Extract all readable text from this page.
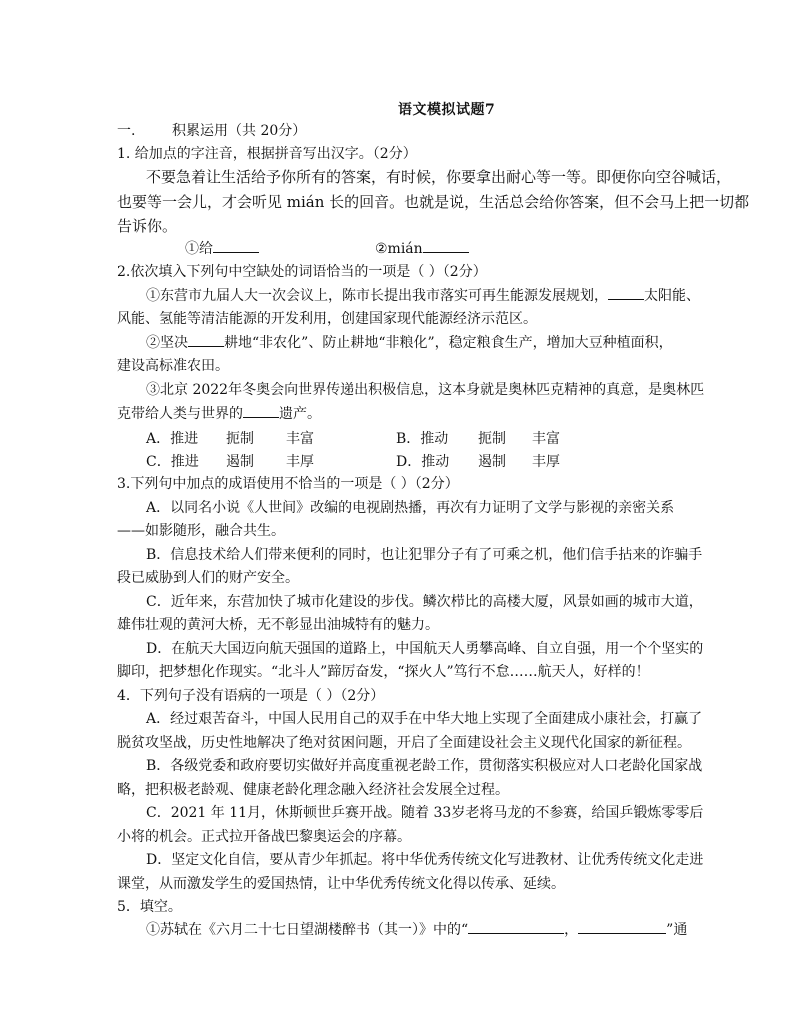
语文模拟试题7
一.	积累运用（共 20分）
1. 给加点的字注音，根据拼音写出汉字。（2分）
不要急着让生活给予你所有的答案，有时候，你要拿出耐心等一等。即便你向空谷喊话，
也要等一会儿，才会听见 mián 长的回音。也就是说，生活总会给你答案，但不会马上把一切都
告诉你。
①给	②mián
2.依次填入下列句中空缺处的词语恰当的一项是（ ）（2分）
①东营市九届人大一次会议上，陈市长提出我市落实可再生能源发展规划，	太阳能、
风能、氢能等清洁能源的开发利用，创建国家现代能源经济示范区。
②坚决	耕地“非农化”、防止耕地“非粮化”，稳定粮食生产，增加大豆种植面积，
建设高标准农田。
③北京 2022年冬奥会向世界传递出积极信息，这本身就是奥林匹克精神的真意，是奥林匹
克带给人类与世界的	遗产。
A．推进 扼制 丰富	B．推动 扼制 丰富
C．推进 遏制 丰厚	D．推动 遏制 丰厚
3.下列句中加点的成语使用不恰当的一项是（ ）（2分）
A．以同名小说《人世间》改编的电视剧热播，再次有力证明了文学与影视的亲密关系
——如影随形，融合共生。
B．信息技术给人们带来便利的同时，也让犯罪分子有了可乘之机，他们信手拈来的诈骗手
段已威胁到人们的财产安全。
C．近年来，东营加快了城市化建设的步伐。鳞次栉比的高楼大厦，风景如画的城市大道，
雄伟壮观的黄河大桥，无不彰显出油城特有的魅力。
D．在航天大国迈向航天强国的道路上，中国航天人勇攀高峰、自立自强，用一个个坚实的
脚印，把梦想化作现实。“北斗人”蹄厉奋发，“探火人”笃行不怠……航天人，好样的！
4．下列句子没有语病的一项是（ ）（2分）
A．经过艰苦奋斗，中国人民用自己的双手在中华大地上实现了全面建成小康社会，打赢了
脱贫攻坚战，历史性地解决了绝对贫困问题，开启了全面建设社会主义现代化国家的新征程。
B．各级党委和政府要切实做好并高度重视老龄工作，贯彻落实积极应对人口老龄化国家战
略，把积极老龄观、健康老龄化理念融入经济社会发展全过程。
C．2021 年 11月，休斯顿世乒赛开战。随着 33岁老将马龙的不参赛，给国乒锻炼零零后
小将的机会。正式拉开备战巴黎奥运会的序幕。
D．坚定文化自信，要从青少年抓起。将中华优秀传统文化写进教材、让优秀传统文化走进
课堂，从而激发学生的爱国热情，让中华优秀传统文化得以传承、延续。
5．填空。
①苏轼在《六月二十七日望湖楼醉书（其一）》中的“	，	”通
